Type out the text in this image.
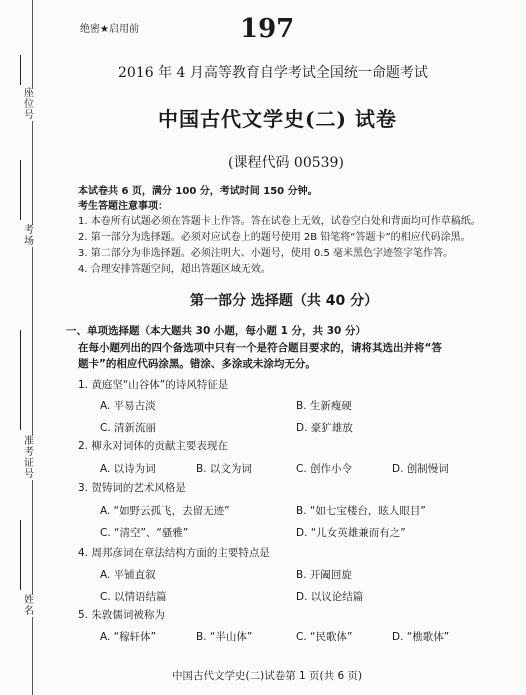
座位号
考场
准考证号
姓名
绝密★启用前	197
2016 年 4 月高等教育自学考试全国统一命题考试
中国古代文学史(二) 试卷
(课程代码 00539)
本试卷共 6 页，满分 100 分，考试时间 150 分钟。
考生答题注意事项：
1. 本卷所有试题必须在答题卡上作答。答在试卷上无效，试卷空白处和背面均可作草稿纸。
2. 第一部分为选择题。必须对应试卷上的题号使用 2B 铅笔将“答题卡”的相应代码涂黑。
3. 第二部分为非选择题。必须注明大、小题号，使用 0.5 毫米黑色字迹签字笔作答。
4. 合理安排答题空间，超出答题区域无效。
第一部分 选择题（共 40 分）
一、单项选择题（本大题共 30 小题，每小题 1 分，共 30 分）
在每小题列出的四个备选项中只有一个是符合题目要求的，请将其选出并将“答
题卡”的相应代码涂黑。错涂、多涂或未涂均无分。
1. 黄庭坚“山谷体”的诗风特征是
A. 平易古淡	B. 生新瘦硬
C. 清新流丽	D. 豪犷雄放
2. 柳永对词体的贡献主要表现在
A. 以诗为词	B. 以文为词	C. 创作小令	D. 创制慢词
3. 贺铸词的艺术风格是
A. “如野云孤飞，去留无迹”	B. “如七宝楼台，眩人眼目”
C. “清空”、“骚雅”	D. “儿女英雄兼而有之”
4. 周邦彦词在章法结构方面的主要特点是
A. 平铺直叙	B. 开阖回旋
C. 以情语结篇	D. 以议论结篇
5. 朱敦儒词被称为
A. “稼轩体”	B. “半山体”	C. “民歌体”	D. “樵歌体”
中国古代文学史(二)试卷第 1 页(共 6 页)
